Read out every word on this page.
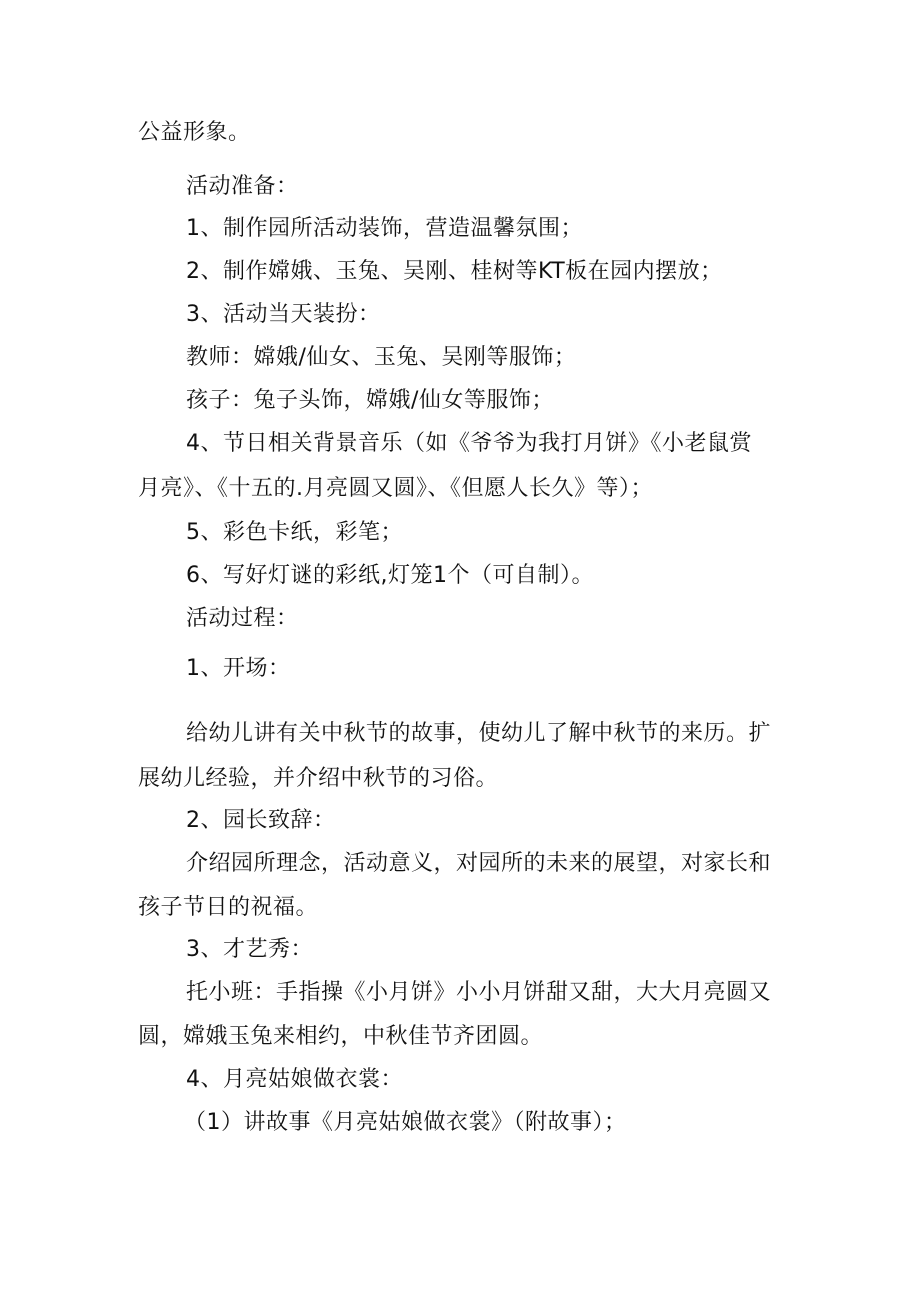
公益形象。

活动准备：

1、制作园所活动装饰，营造温馨氛围；

2、制作嫦娥、玉兔、吴刚、桂树等KT板在园内摆放；

3、活动当天装扮：

教师：嫦娥/仙女、玉兔、吴刚等服饰；

孩子：兔子头饰，嫦娥/仙女等服饰；

4、节日相关背景音乐（如《爷爷为我打月饼》《小老鼠赏

月亮》、《十五的.月亮圆又圆》、《但愿人长久》等）；

5、彩色卡纸，彩笔；

6、写好灯谜的彩纸,灯笼1个（可自制）。

活动过程：

1、开场：

给幼儿讲有关中秋节的故事，使幼儿了解中秋节的来历。扩

展幼儿经验，并介绍中秋节的习俗。

2、园长致辞：

介绍园所理念，活动意义，对园所的未来的展望，对家长和

孩子节日的祝福。

3、才艺秀：

托小班：手指操《小月饼》小小月饼甜又甜，大大月亮圆又

圆，嫦娥玉兔来相约，中秋佳节齐团圆。

4、月亮姑娘做衣裳：

（1）讲故事《月亮姑娘做衣裳》（附故事）；
